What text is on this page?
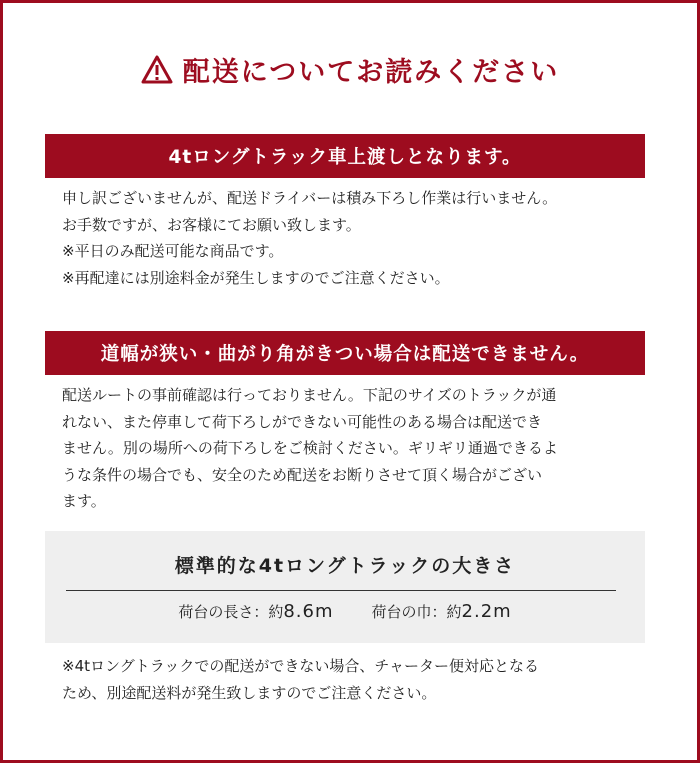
配送についてお読みください
4tロングトラック車上渡しとなります。
申し訳ございませんが、配送ドライバーは積み下ろし作業は行いません。
お手数ですが、お客様にてお願い致します。
※平日のみ配送可能な商品です。
※再配達には別途料金が発生しますのでご注意ください。
道幅が狭い・曲がり角がきつい場合は配送できません。
配送ルートの事前確認は行っておりません。下記のサイズのトラックが通
れない、また停車して荷下ろしができない可能性のある場合は配送でき
ません。別の場所への荷下ろしをご検討ください。ギリギリ通過できるよ
うな条件の場合でも、安全のため配送をお断りさせて頂く場合がござい
ます。
標準的な4tロングトラックの大きさ
荷台の長さ：約8.6m	荷台の巾：約2.2m
※4tロングトラックでの配送ができない場合、チャーター便対応となる
ため、別途配送料が発生致しますのでご注意ください。
